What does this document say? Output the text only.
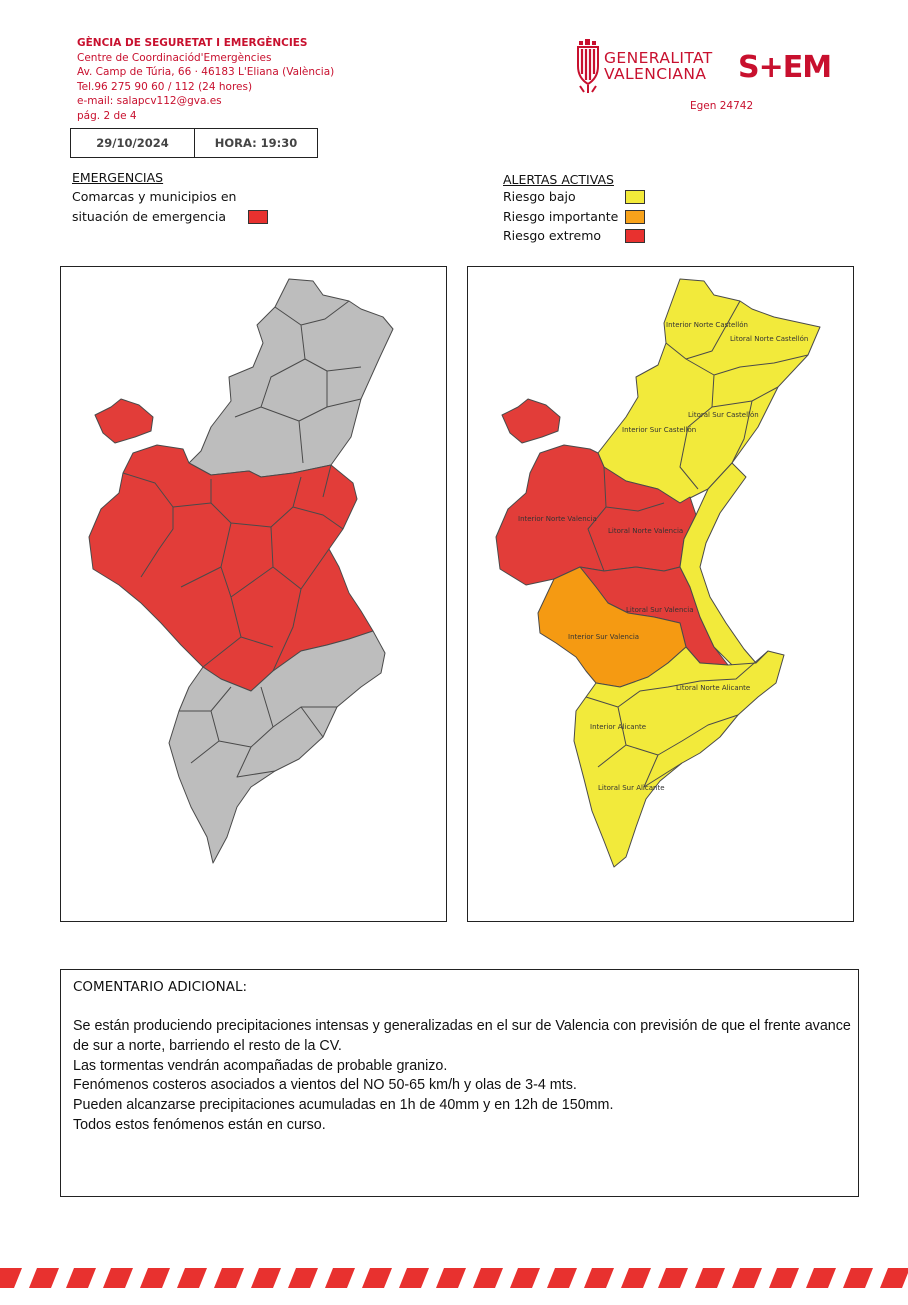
GÈNCIA DE SEGURETAT I EMERGÈNCIES
Centre de Coordinaciód'Emergències
Av. Camp de Túria, 66 · 46183 L'Eliana (València)
Tel.96 275 90 60 / 112 (24 hores)
e-mail: salapcv112@gva.es
pág. 2 de 4
29/10/2024	HORA: 19:30
GENERALITAT
VALENCIANA S+EM
Egen 24742
EMERGENCIAS
Comarcas y municipios en
situación de emergencia
ALERTAS ACTIVAS
Riesgo bajo
Riesgo importante
Riesgo extremo
Interior Norte Castellón
Litoral Norte Castellón
Litoral Sur Castellón
Interior Sur Castellón
Interior Norte Valencia
Litoral Norte Valencia
Litoral Sur Valencia
Interior Sur Valencia
Litoral Norte Alicante
Interior Alicante
Litoral Sur Alicante
COMENTARIO ADICIONAL:

Se están produciendo precipitaciones intensas y generalizadas en el sur de Valencia con previsión de que el frente avance de sur a norte, barriendo el resto de la CV.

Las tormentas vendrán acompañadas de probable granizo.

Fenómenos costeros asociados a vientos del NO 50-65 km/h y olas de 3-4 mts.

Pueden alcanzarse precipitaciones acumuladas en 1h de 40mm y en 12h de 150mm.

Todos estos fenómenos están en curso.
